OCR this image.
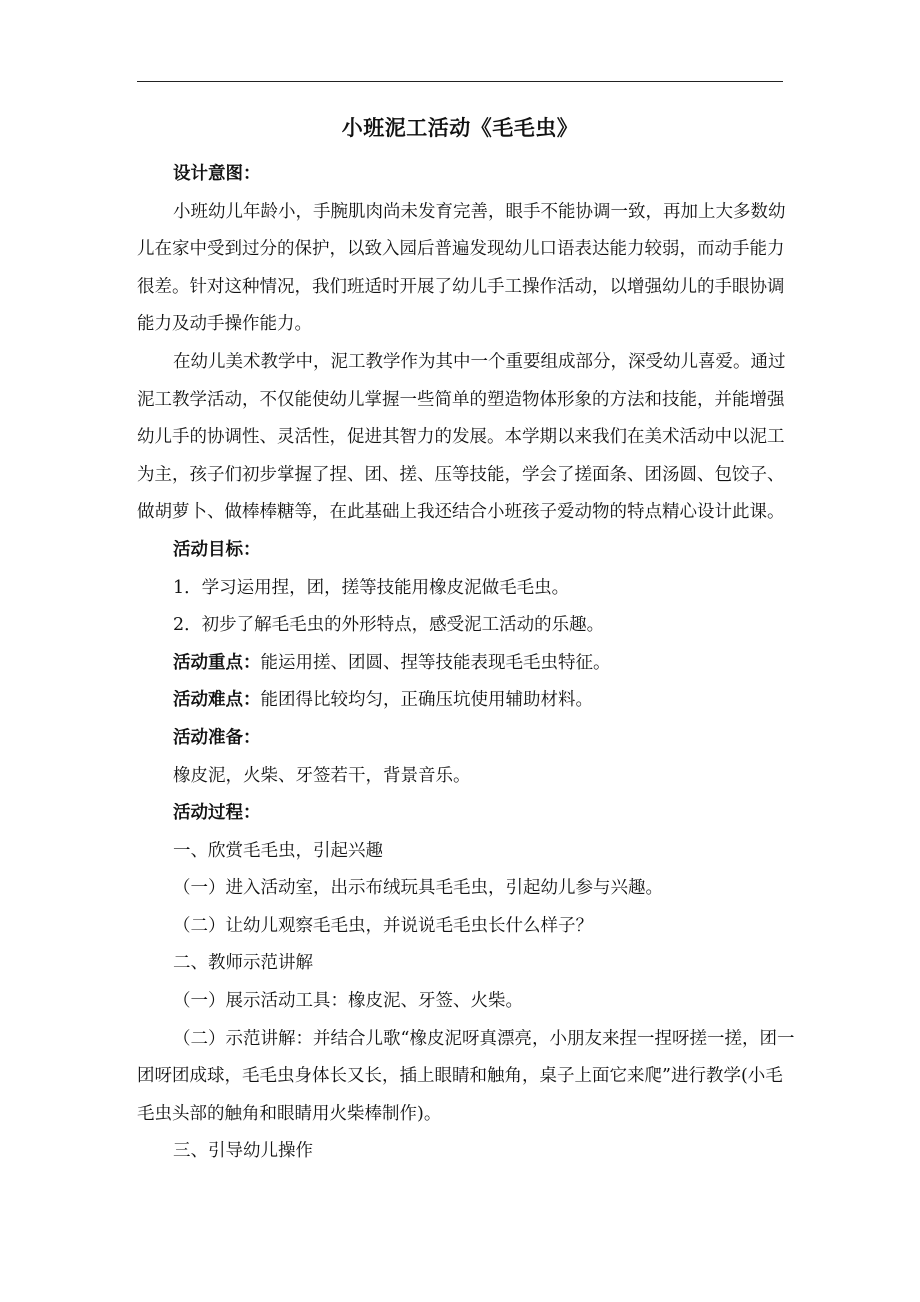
小班泥工活动《毛毛虫》

设计意图：

小班幼儿年龄小，手腕肌肉尚未发育完善，眼手不能协调一致，再加上大多数幼儿在家中受到过分的保护，以致入园后普遍发现幼儿口语表达能力较弱，而动手能力很差。针对这种情况，我们班适时开展了幼儿手工操作活动，以增强幼儿的手眼协调能力及动手操作能力。

在幼儿美术教学中，泥工教学作为其中一个重要组成部分，深受幼儿喜爱。通过泥工教学活动，不仅能使幼儿掌握一些简单的塑造物体形象的方法和技能，并能增强幼儿手的协调性、灵活性，促进其智力的发展。本学期以来我们在美术活动中以泥工为主，孩子们初步掌握了捏、团、搓、压等技能，学会了搓面条、团汤圆、包饺子、做胡萝卜、做棒棒糖等，在此基础上我还结合小班孩子爱动物的特点精心设计此课。

活动目标：

1．学习运用捏，团，搓等技能用橡皮泥做毛毛虫。

2．初步了解毛毛虫的外形特点，感受泥工活动的乐趣。

活动重点：能运用搓、团圆、捏等技能表现毛毛虫特征。

活动难点：能团得比较均匀，正确压坑使用辅助材料。

活动准备：

橡皮泥，火柴、牙签若干，背景音乐。

活动过程：

一、欣赏毛毛虫，引起兴趣

（一）进入活动室，出示布绒玩具毛毛虫，引起幼儿参与兴趣。

（二）让幼儿观察毛毛虫，并说说毛毛虫长什么样子？

二、教师示范讲解

（一）展示活动工具：橡皮泥、牙签、火柴。

（二）示范讲解：并结合儿歌“橡皮泥呀真漂亮，小朋友来捏一捏呀搓一搓，团一团呀团成球，毛毛虫身体长又长，插上眼睛和触角，桌子上面它来爬”进行教学(小毛毛虫头部的触角和眼睛用火柴棒制作)。

三、引导幼儿操作
